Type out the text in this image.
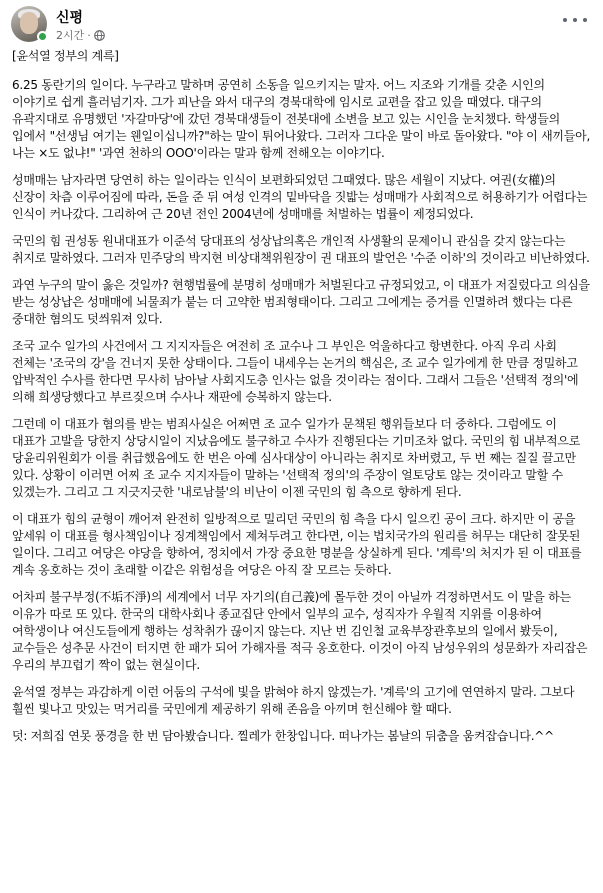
신평
2시간 ·

[윤석열 정부의 계륵]

6.25 동란기의 일이다. 누구라고 말하며 공연히 소동을 일으키지는 말자. 어느 지조와 기개를 갖춘 시인의 이야기로 쉽게 흘러넘기자. 그가 피난을 와서 대구의 경북대학에 임시로 교편을 잡고 있을 때였다. 대구의 유곽지대로 유명했던 '자갈마당'에 갔던 경북대생들이 전봇대에 소변을 보고 있는 시인을 눈치챘다. 학생들의 입에서 "선생님 여기는 웬일이십니까?"하는 말이 튀어나왔다. 그러자 그다운 말이 바로 돌아왔다. "야 이 새끼들아, 나는 ×도 없냐!" '과연 천하의 OOO'이라는 말과 함께 전해오는 이야기다.

성매매는 남자라면 당연히 하는 일이라는 인식이 보편화되었던 그때였다. 많은 세월이 지났다. 여권(女權)의 신장이 차츰 이루어짐에 따라, 돈을 준 뒤 여성 인격의 밑바닥을 짓밟는 성매매가 사회적으로 허용하기가 어렵다는 인식이 커나갔다. 그리하여 근 20년 전인 2004년에 성매매를 처벌하는 법률이 제정되었다.

국민의 힘 권성동 원내대표가 이준석 당대표의 성상납의혹은 개인적 사생활의 문제이니 관심을 갖지 않는다는 취지로 말하였다. 그러자 민주당의 박지현 비상대책위원장이 권 대표의 발언은 '수준 이하'의 것이라고 비난하였다.

과연 누구의 말이 옳은 것일까? 현행법률에 분명히 성매매가 처벌된다고 규정되었고, 이 대표가 저질렀다고 의심을 받는 성상납은 성매매에 뇌물죄가 붙는 더 고약한 범죄형태이다. 그리고 그에게는 증거를 인멸하려 했다는 다른 중대한 혐의도 덧씌워져 있다.

조국 교수 일가의 사건에서 그 지지자들은 여전히 조 교수나 그 부인은 억울하다고 항변한다. 아직 우리 사회 전체는 '조국의 강'을 건너지 못한 상태이다. 그들이 내세우는 논거의 핵심은, 조 교수 일가에게 한 만큼 정밀하고 압박적인 수사를 한다면 무사히 남아날 사회지도층 인사는 없을 것이라는 점이다. 그래서 그들은 '선택적 정의'에 의해 희생당했다고 부르짖으며 수사나 재판에 승복하지 않는다.

그런데 이 대표가 혐의를 받는 범죄사실은 어쩌면 조 교수 일가가 문책된 행위들보다 더 중하다. 그럼에도 이 대표가 고발을 당한지 상당시일이 지났음에도 불구하고 수사가 진행된다는 기미조차 없다. 국민의 힘 내부적으로 당윤리위원회가 이를 취급했음에도 한 번은 아예 심사대상이 아니라는 취지로 차버렸고, 두 번 째는 질질 끌고만 있다. 상황이 이러면 어찌 조 교수 지지자들이 말하는 '선택적 정의'의 주장이 얼토당토 않는 것이라고 말할 수 있겠는가. 그리고 그 지긋지긋한 '내로남불'의 비난이 이젠 국민의 힘 측으로 향하게 된다.

이 대표가 힘의 균형이 깨어져 완전히 일방적으로 밀리던 국민의 힘 측을 다시 일으킨 공이 크다. 하지만 이 공을 앞세워 이 대표를 형사책임이나 징계책임에서 제쳐두려고 한다면, 이는 법치국가의 원리를 허무는 대단히 잘못된 일이다. 그리고 여당은 야당을 향하여, 정치에서 가장 중요한 명분을 상실하게 된다. '계륵'의 처지가 된 이 대표를 계속 옹호하는 것이 초래할 이같은 위험성을 여당은 아직 잘 모르는 듯하다.

어차피 불구부정(不垢不淨)의 세계에서 너무 자기의(自己義)에 몰두한 것이 아닐까 걱정하면서도 이 말을 하는 이유가 따로 또 있다. 한국의 대학사회나 종교집단 안에서 일부의 교수, 성직자가 우월적 지위를 이용하여 여학생이나 여신도들에게 행하는 성착취가 끊이지 않는다. 지난 번 김인철 교육부장관후보의 일에서 봤듯이, 교수들은 성추문 사건이 터지면 한 패가 되어 가해자를 적극 옹호한다. 이것이 아직 남성우위의 성문화가 자리잡은 우리의 부끄럽기 짝이 없는 현실이다.

윤석열 정부는 과감하게 이런 어둠의 구석에 빛을 밝혀야 하지 않겠는가. '계륵'의 고기에 연연하지 말라. 그보다 훨씬 빛나고 맛있는 먹거리를 국민에게 제공하기 위해 존음을 아끼며 헌신해야 할 때다.

덧: 저희집 연못 풍경을 한 번 담아봤습니다. 찔레가 한창입니다. 떠나가는 봄날의 뒤춤을 움켜잡습니다.^^
